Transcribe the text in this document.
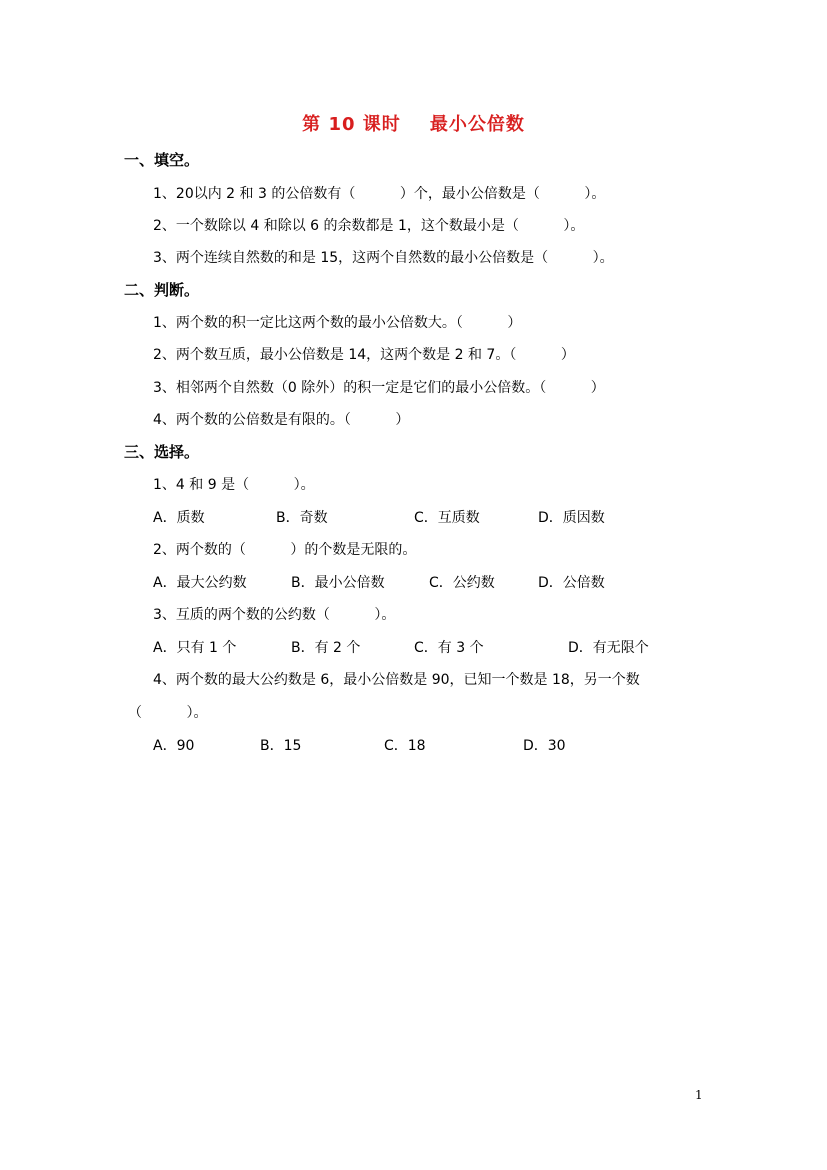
第 10 课时    最小公倍数
一、填空。
1、20以内 2 和 3 的公倍数有（          ）个，最小公倍数是（          ）。
2、一个数除以 4 和除以 6 的余数都是 1，这个数最小是（          ）。
3、两个连续自然数的和是 15，这两个自然数的最小公倍数是（          ）。
二、判断。
1、两个数的积一定比这两个数的最小公倍数大。（          ）
2、两个数互质，最小公倍数是 14，这两个数是 2 和 7。（          ）
3、相邻两个自然数（0 除外）的积一定是它们的最小公倍数。（          ）
4、两个数的公倍数是有限的。（          ）
三、选择。
1、4 和 9 是（          ）。
A．质数	B．奇数	C．互质数	D．质因数
2、两个数的（          ）的个数是无限的。
A．最大公约数	B．最小公倍数	C．公约数	D．公倍数
3、互质的两个数的公约数（          ）。
A．只有 1 个	B．有 2 个	C．有 3 个	D．有无限个
4、两个数的最大公约数是 6，最小公倍数是 90，已知一个数是 18，另一个数
（          ）。
A．90	B．15	C．18	D．30
1
